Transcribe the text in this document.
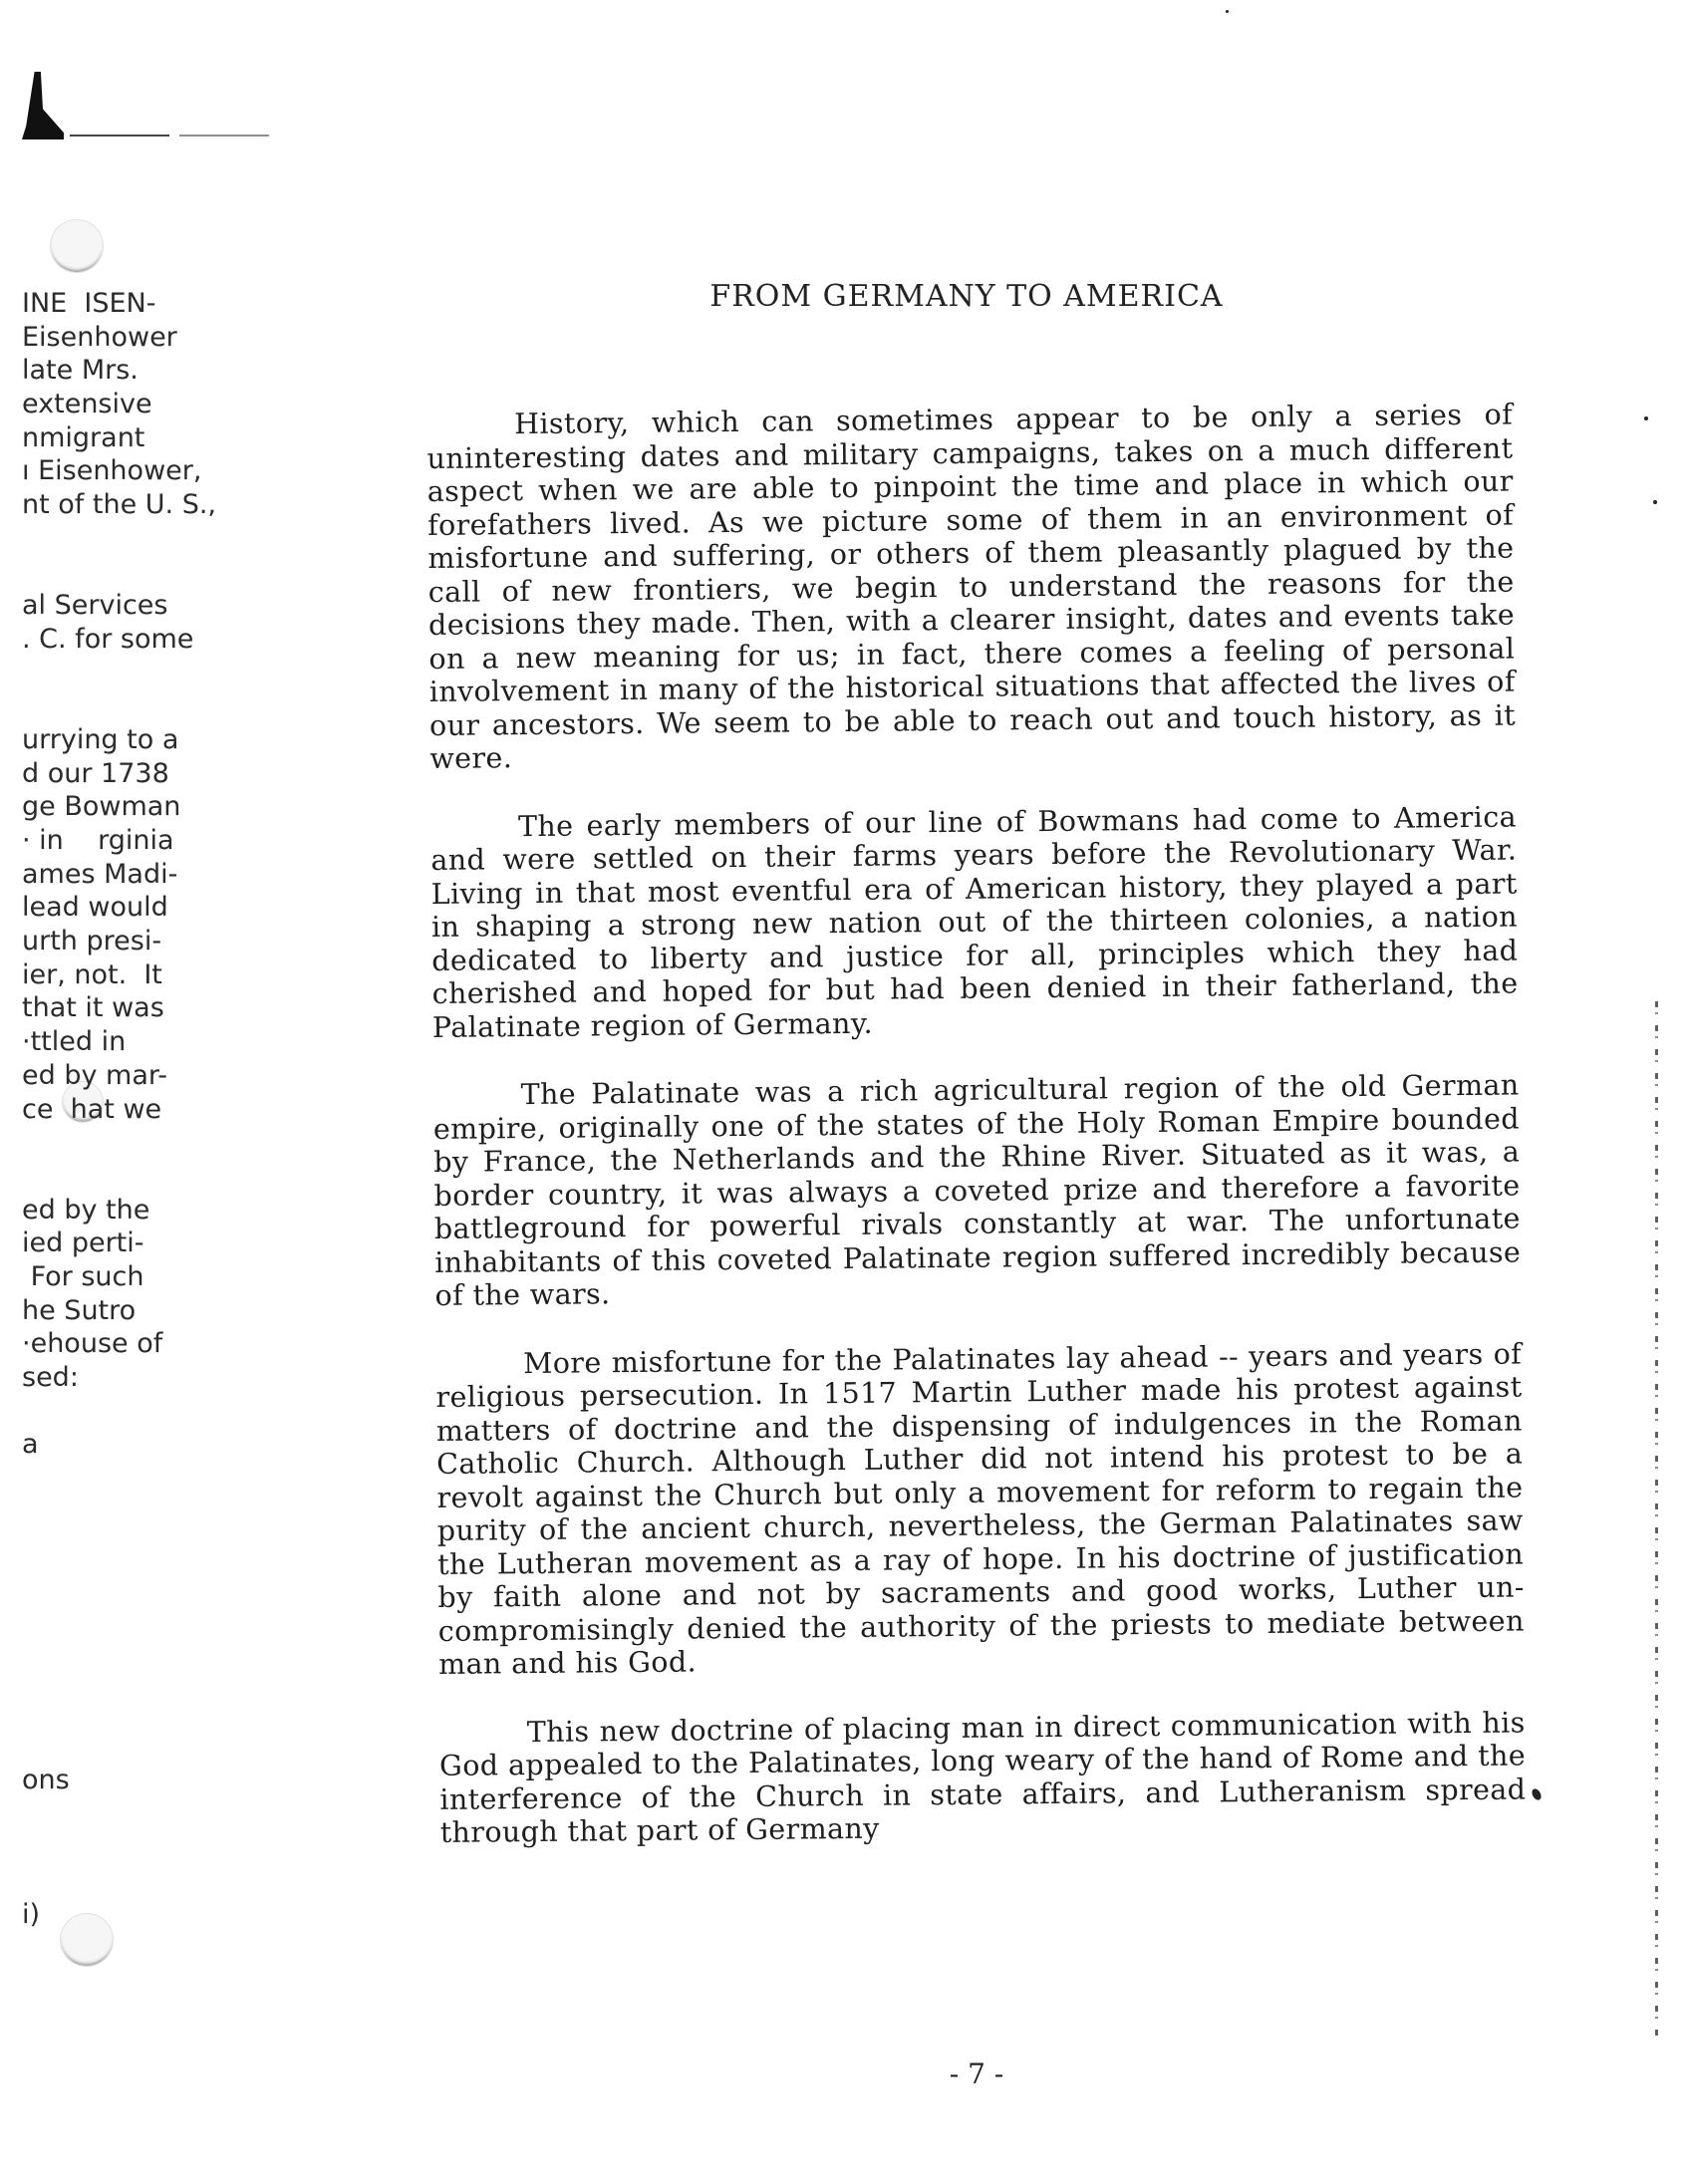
INE  ISEN-
Eisenhower
late Mrs.
extensive
nmigrant
ı Eisenhower,
nt of the U. S.,
al Services
. C. for some
urrying to a
d our 1738
ge Bowman
· in    rginia
ames Madi-
lead would
urth presi-
ier, not.  It
that it was
·ttled in
ed by mar-
ce  hat we
ed by the
ied perti-
For such
he Sutro
·ehouse of
sed:
a
ons
i)
FROM GERMANY TO AMERICA

History, which can sometimes appear to be only a series of uninteresting dates and military campaigns, takes on a much different aspect when we are able to pinpoint the time and place in which our forefathers lived. As we picture some of them in an environment of misfortune and suffering, or others of them pleasantly plagued by the call of new frontiers, we begin to understand the reasons for the decisions they made. Then, with a clearer insight, dates and events take on a new meaning for us; in fact, there comes a feeling of personal involvement in many of the historical situations that affected the lives of our ancestors. We seem to be able to reach out and touch history, as it were.

The early members of our line of Bowmans had come to America and were settled on their farms years before the Revolutionary War. Living in that most eventful era of American history, they played a part in shaping a strong new nation out of the thirteen colonies, a nation dedicated to liberty and justice for all, principles which they had cherished and hoped for but had been denied in their fatherland, the Palatinate region of Germany.

The Palatinate was a rich agricultural region of the old German empire, originally one of the states of the Holy Roman Empire bounded by France, the Netherlands and the Rhine River. Situated as it was, a border country, it was always a coveted prize and therefore a favorite battleground for powerful rivals constantly at war. The unfortunate inhabitants of this coveted Palatinate region suffered incredibly because of the wars.

More misfortune for the Palatinates lay ahead -- years and years of religious persecution. In 1517 Martin Luther made his protest against matters of doctrine and the dispensing of indulgences in the Roman Catholic Church. Although Luther did not intend his protest to be a revolt against the Church but only a movement for reform to regain the purity of the ancient church, nevertheless, the German Palatinates saw the Lutheran movement as a ray of hope. In his doctrine of justification by faith alone and not by sacraments and good works, Luther uncompromisingly denied the authority of the priests to mediate between man and his God.

This new doctrine of placing man in direct communication with his God appealed to the Palatinates, long weary of the hand of Rome and the interference of the Church in state affairs, and Lutheranism spread through that part of Germany

- 7 -
